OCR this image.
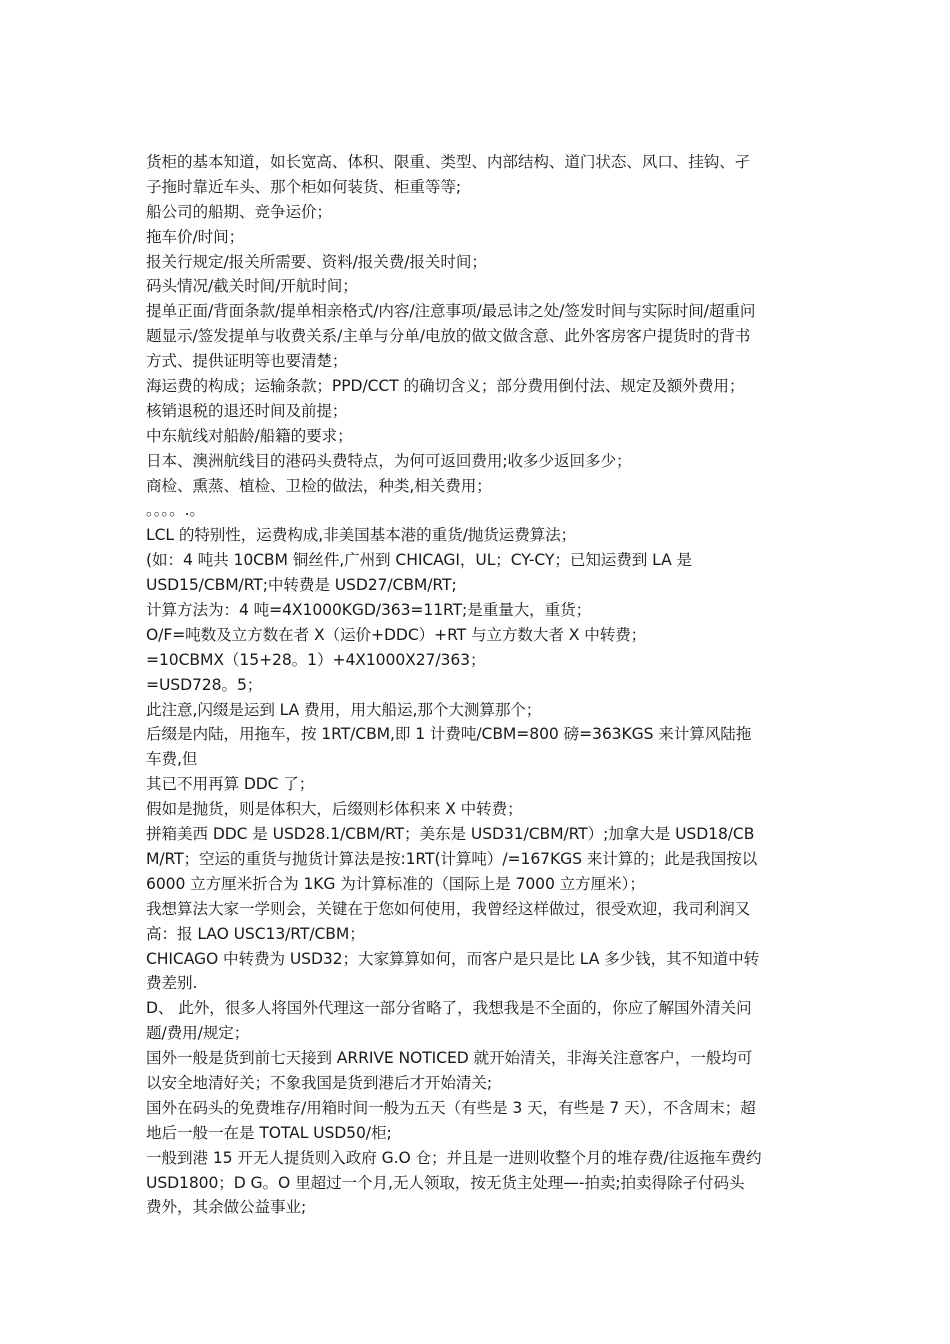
货柜的基本知道，如长宽高、体积、限重、类型、内部结构、道门状态、风口、挂钩、孑
子拖时靠近车头、那个柜如何装货、柜重等等;
船公司的船期、竞争运价；
拖车价/时间；
报关行规定/报关所需要、资料/报关费/报关时间；
码头情况/截关时间/开航时间；
提单正面/背面条款/提单相亲格式/内容/注意事项/最忌讳之处/签发时间与实际时间/超重问
题显示/签发提单与收费关系/主单与分单/电放的做文做含意、此外客房客户提货时的背书
方式、提供证明等也要清楚；
海运费的构成；运输条款；PPD/CCT 的确切含义；部分费用倒付法、规定及额外费用；
核销退税的退还时间及前提；
中东航线对船龄/船籍的要求；
日本、澳洲航线目的港码头费特点，为何可返回费用;收多少返回多少；
商检、熏蒸、植检、卫检的做法，种类,相关费用；
。。。。.。
LCL 的特别性，运费构成,非美国基本港的重货/抛货运费算法；
(如：4 吨共 10CBM 铜丝件,广州到 CHICAGI，UL；CY-CY；已知运费到 LA 是
USD15/CBM/RT;中转费是 USD27/CBM/RT;
计算方法为：4 吨=4X1000KGD/363=11RT;是重量大，重货；
O/F=吨数及立方数在者 X（运价+DDC）+RT 与立方数大者 X 中转费；
=10CBMX（15+28。1）+4X1000X27/363；
=USD728。5；
此注意,闪缀是运到 LA 费用，用大船运,那个大测算那个；
后缀是内陆，用拖车，按 1RT/CBM,即 1 计费吨/CBM=800 磅=363KGS 来计算风陆拖
车费,但
其已不用再算 DDC 了；
假如是抛货，则是体积大，后缀则杉体积来 X 中转费；
拼箱美西 DDC 是 USD28.1/CBM/RT；美东是 USD31/CBM/RT）;加拿大是 USD18/CB
M/RT；空运的重货与抛货计算法是按:1RT(计算吨）/=167KGS 来计算的；此是我国按以
6000 立方厘米折合为 1KG 为计算标准的（国际上是 7000 立方厘米）；
我想算法大家一学则会，关键在于您如何使用，我曾经这样做过，很受欢迎，我司利润又
高：报 LAO USC13/RT/CBM；
CHICAGO 中转费为 USD32；大家算算如何，而客户是只是比 LA 多少钱，其不知道中转
费差别.
D、 此外，很多人将国外代理这一部分省略了，我想我是不全面的，你应了解国外清关问
题/费用/规定；
国外一般是货到前七天接到 ARRIVE NOTICED 就开始清关，非海关注意客户，一般均可
以安全地清好关；不象我国是货到港后才开始清关;
国外在码头的免费堆存/用箱时间一般为五天（有些是 3 天，有些是 7 天），不含周末；超
地后一般一在是 TOTAL USD50/柜;
一般到港 15 开无人提货则入政府 G.O 仓；并且是一进则收整个月的堆存费/往返拖车费约
USD1800；D G。O 里超过一个月,无人领取，按无货主处理—-拍卖;拍卖得除孑付码头
费外，其余做公益事业;
